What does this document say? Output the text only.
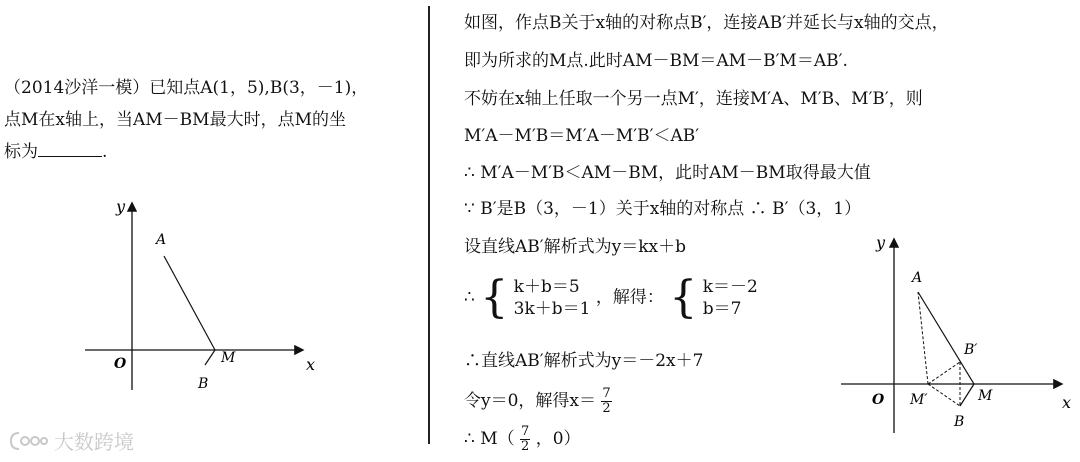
（2014沙洋一模）已知点A(1，5),B(3，－1)，
点M在x轴上，当AM－BM最大时，点M的坐
标为	.
y
x
O
A
B
M
如图，作点B关于x轴的对称点B′，连接AB′并延长与x轴的交点，
即为所求的M点.此时AM－BM＝AM－B′M＝AB′.
不妨在x轴上任取一个另一点M′，连接M′A、M′B、M′B′，则
M′A－M′B＝M′A－M′B′＜AB′
∴ M′A－M′B＜AM－BM，此时AM－BM取得最大值
∵ B′是B（3，－1）关于x轴的对称点 ∴ B′（3，1）
设直线AB′解析式为y＝kx＋b
∴ { k＋b＝5
3k＋b＝1
，解得： { k＝－2
b＝7
∴直线AB′解析式为y＝－2x＋7
令y＝0，解得$x= \frac{7}{2}$
∴ $M( \frac{7}{2}$ ，0）
y
x
O
A
B′
M′	M
B
大数跨境
